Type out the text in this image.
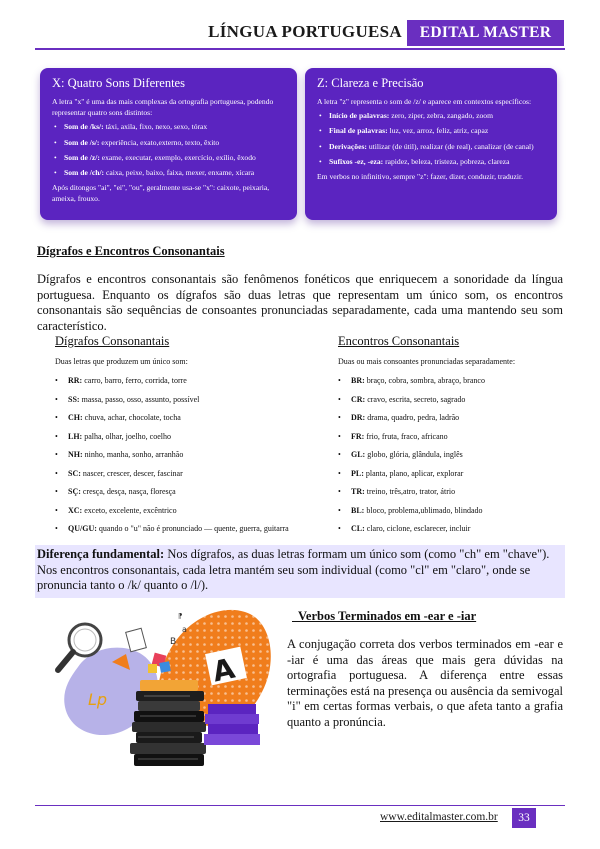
LÍNGUA PORTUGUESA	EDITAL MASTER
X: Quatro Sons Diferentes
A letra "x" é uma das mais complexas da ortografia portuguesa, podendo representar quatro sons distintos:
• Som de /ks/: táxi, axila, fixo, nexo, sexo, tórax
• Som de /s/: experiência, exato,externo, texto, êxito
• Som de /z/: exame, executar, exemplo, exercício, exílio, êxodo
• Som de /ch/: caixa, peixe, baixo, faixa, mexer, enxame, xícara
Após ditongos "ai", "ei", "ou", geralmente usa-se "x": caixote, peixaria, ameixa, frouxo.
Z: Clareza e Precisão
A letra "z" representa o som de /z/ e aparece em contextos específicos:
• Início de palavras: zero, ziper, zebra, zangado, zoom
• Final de palavras: luz, vez, arroz, feliz, atriz, capaz
• Derivações: utilizar (de útil), realizar (de real), canalizar (de canal)
• Sufixos -ez, -eza: rapidez, beleza, tristeza, pobreza, clareza
Em verbos no infinitivo, sempre "z": fazer, dizer, conduzir, traduzir.
Dígrafos e Encontros Consonantais
Dígrafos e encontros consonantais são fenômenos fonéticos que enriquecem a sonoridade da língua portuguesa. Enquanto os dígrafos são duas letras que representam um único som, os encontros consonantais são sequências de consoantes pronunciadas separadamente, cada uma mantendo seu som característico.
Dígrafos Consonantais
Duas letras que produzem um único som:
• RR: carro, barro, ferro, corrida, torre
• SS: massa, passo, osso, assunto, possível
• CH: chuva, achar, chocolate, tocha
• LH: palha, olhar, joelho, coelho
• NH: ninho, manha, sonho, arranhão
• SC: nascer, crescer, descer, fascinar
• SÇ: cresça, desça, nasça, floresça
• XC: exceto, excelente, excêntrico
• QU/GU: quando o "u" não é pronunciado — quente, guerra, guitarra
Encontros Consonantais
Duas ou mais consoantes pronunciadas separadamente:
• BR: braço, cobra, sombra, abraço, branco
• CR: cravo, escrita, secreto, sagrado
• DR: drama, quadro, pedra, ladrão
• FR: frio, fruta, fraco, africano
• GL: globo, glória, glândula, inglês
• PL: planta, plano, aplicar, explorar
• TR: treino, três,atro, trator, átrio
• BL: bloco, problema,ublimado, blindado
• CL: claro, ciclone, esclarecer, incluir
Diferença fundamental: Nos dígrafos, as duas letras formam um único som (como "ch" em "chave"). Nos encontros consonantais, cada letra mantém seu som individual (como "cl" em "claro", onde se pronuncia tanto o /k/ quanto o /l/).
Verbos Terminados em -ear e -iar
A conjugação correta dos verbos terminados em -ear e -iar é uma das áreas que mais gera dúvidas na ortografia portuguesa. A diferença entre essas terminações está na presença ou ausência da semivogal "i" em certas formas verbais, o que afeta tanto a grafia quanto a pronúncia.
Lp
B
a
⁋
A
www.editalmaster.com.br	33
